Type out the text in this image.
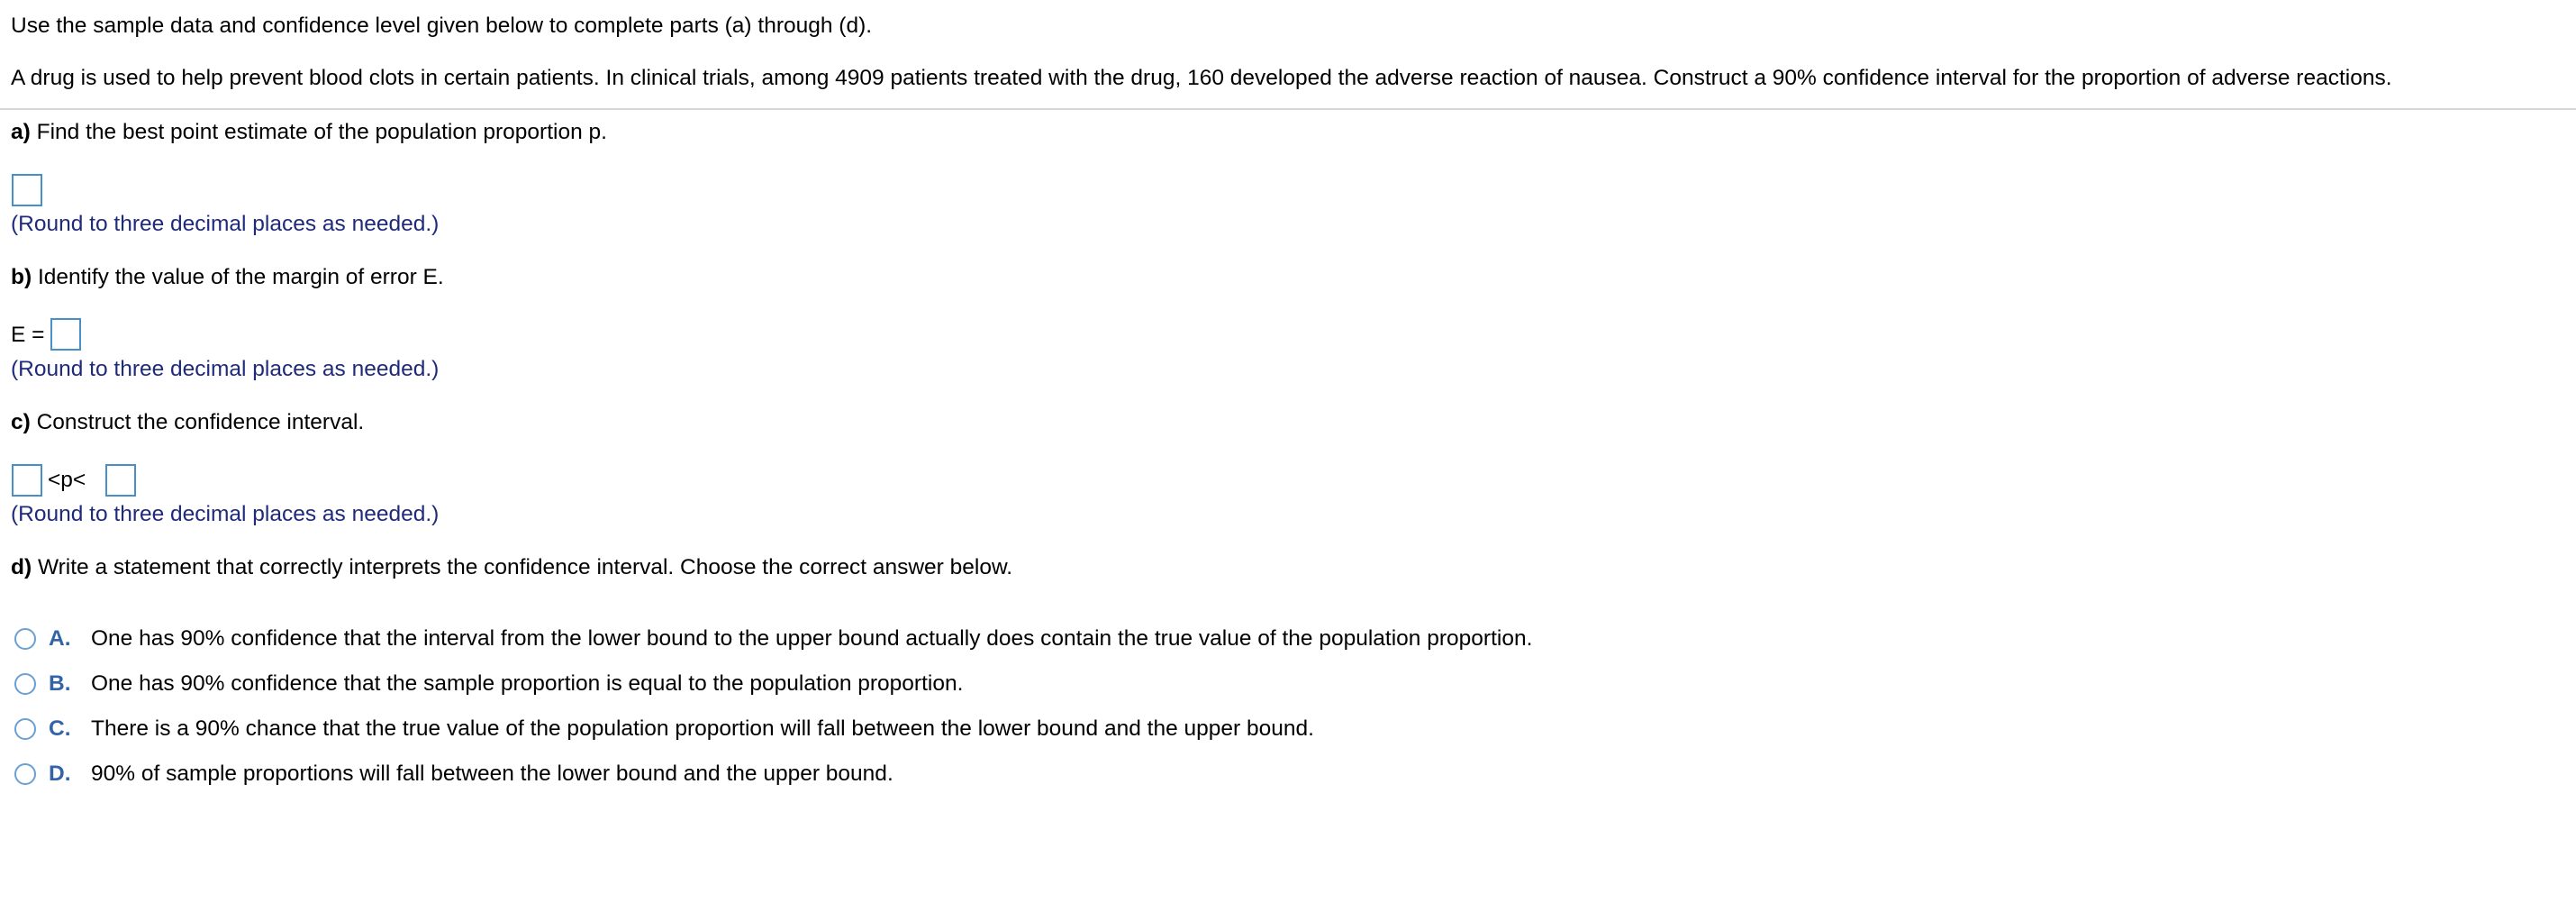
Use the sample data and confidence level given below to complete parts (a) through (d).
A drug is used to help prevent blood clots in certain patients. In clinical trials, among 4909 patients treated with the drug, 160 developed the adverse reaction of nausea. Construct a 90% confidence interval for the proportion of adverse reactions.
a) Find the best point estimate of the population proportion p.
(Round to three decimal places as needed.)
b) Identify the value of the margin of error E.
E =
(Round to three decimal places as needed.)
c) Construct the confidence interval.
<p<
(Round to three decimal places as needed.)
d) Write a statement that correctly interprets the confidence interval. Choose the correct answer below.
A. One has 90% confidence that the interval from the lower bound to the upper bound actually does contain the true value of the population proportion.
B. One has 90% confidence that the sample proportion is equal to the population proportion.
C. There is a 90% chance that the true value of the population proportion will fall between the lower bound and the upper bound.
D. 90% of sample proportions will fall between the lower bound and the upper bound.
